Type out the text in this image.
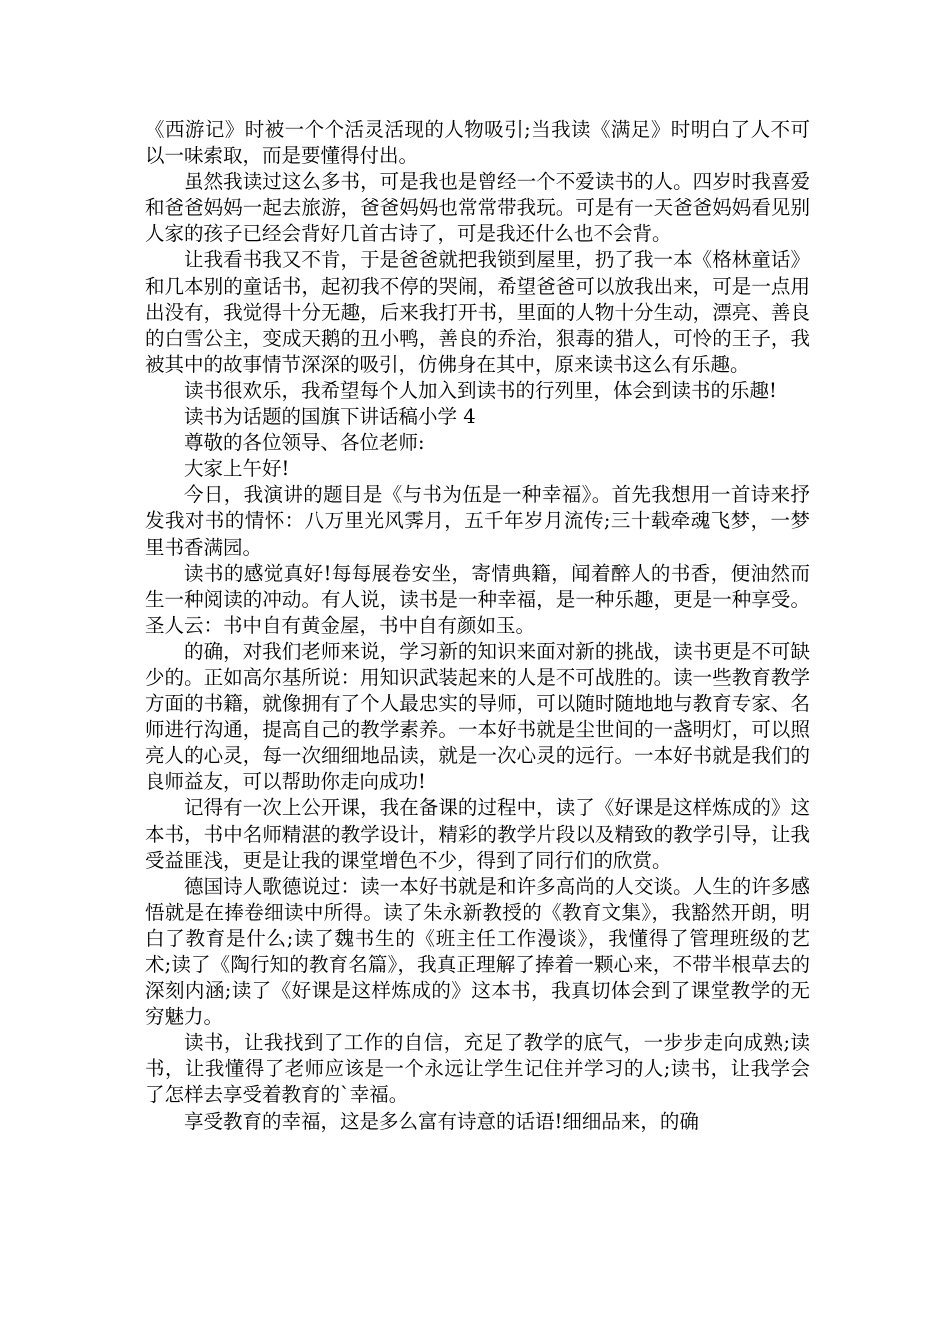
《西游记》时被一个个活灵活现的人物吸引;当我读《满足》时明白了人不可以一味索取，而是要懂得付出。

虽然我读过这么多书，可是我也是曾经一个不爱读书的人。四岁时我喜爱和爸爸妈妈一起去旅游，爸爸妈妈也常常带我玩。可是有一天爸爸妈妈看见别人家的孩子已经会背好几首古诗了，可是我还什么也不会背。

让我看书我又不肯，于是爸爸就把我锁到屋里，扔了我一本《格林童话》和几本别的童话书，起初我不停的哭闹，希望爸爸可以放我出来，可是一点用出没有，我觉得十分无趣，后来我打开书，里面的人物十分生动，漂亮、善良的白雪公主，变成天鹅的丑小鸭，善良的乔治，狠毒的猎人，可怜的王子，我被其中的故事情节深深的吸引，仿佛身在其中，原来读书这么有乐趣。

读书很欢乐，我希望每个人加入到读书的行列里，体会到读书的乐趣!

读书为话题的国旗下讲话稿小学 4

尊敬的各位领导、各位老师:

大家上午好!

今日，我演讲的题目是《与书为伍是一种幸福》。首先我想用一首诗来抒发我对书的情怀：八万里光风霁月，五千年岁月流传;三十载牵魂飞梦，一梦里书香满园。

读书的感觉真好!每每展卷安坐，寄情典籍，闻着醉人的书香，便油然而生一种阅读的冲动。有人说，读书是一种幸福，是一种乐趣，更是一种享受。圣人云：书中自有黄金屋，书中自有颜如玉。

的确，对我们老师来说，学习新的知识来面对新的挑战，读书更是不可缺少的。正如高尔基所说：用知识武装起来的人是不可战胜的。读一些教育教学方面的书籍，就像拥有了个人最忠实的导师，可以随时随地地与教育专家、名师进行沟通，提高自己的教学素养。一本好书就是尘世间的一盏明灯，可以照亮人的心灵，每一次细细地品读，就是一次心灵的远行。一本好书就是我们的良师益友，可以帮助你走向成功!

记得有一次上公开课，我在备课的过程中，读了《好课是这样炼成的》这本书，书中名师精湛的教学设计，精彩的教学片段以及精致的教学引导，让我受益匪浅，更是让我的课堂增色不少，得到了同行们的欣赏。

德国诗人歌德说过：读一本好书就是和许多高尚的人交谈。人生的许多感悟就是在捧卷细读中所得。读了朱永新教授的《教育文集》，我豁然开朗，明白了教育是什么;读了魏书生的《班主任工作漫谈》，我懂得了管理班级的艺术;读了《陶行知的教育名篇》，我真正理解了捧着一颗心来，不带半根草去的深刻内涵;读了《好课是这样炼成的》这本书，我真切体会到了课堂教学的无穷魅力。

读书，让我找到了工作的自信，充足了教学的底气，一步步走向成熟;读书，让我懂得了老师应该是一个永远让学生记住并学习的人;读书，让我学会了怎样去享受着教育的`幸福。

享受教育的幸福，这是多么富有诗意的话语!细细品来，的确
